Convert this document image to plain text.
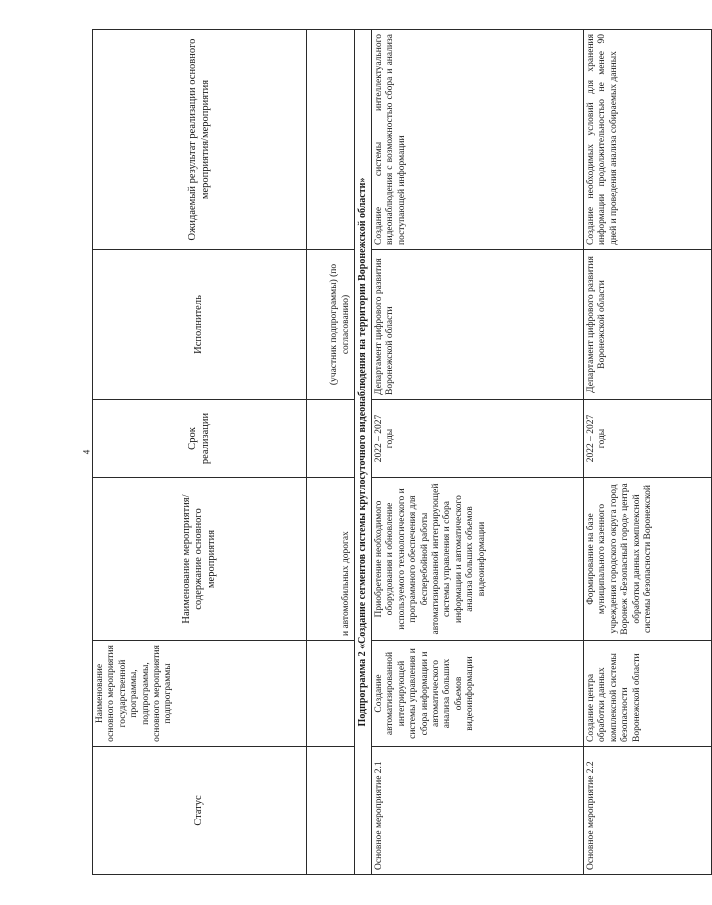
4
Статус	Наименование основного мероприятия государственной программы, подпрограммы, основного мероприятия подпрограммы	Наименование мероприятия/содержание основного мероприятия	Срок реализации	Исполнитель	Ожидаемый результат реализации основного мероприятия/мероприятия
		и автомобильных дорогах		(участник подпрограммы) (по согласованию)	
Подпрограмма 2 «Создание сегментов системы круглосуточного видеонаблюдения на территории Воронежской области»					
Основное мероприятие 2.1	Создание автоматизированной интегрирующей системы управления и сбора информации и автоматического анализа больших объемов видеоинформации	Приобретение необходимого оборудования и обновление используемого технологического и программного обеспечения для бесперебойной работы автоматизированной интегрирующей системы управления и сбора информации и автоматического анализа больших объемов видеоинформации	2022 – 2027 годы	Департамент цифрового развития Воронежской области	Создание системы интеллектуального видеонаблюдения с возможностью сбора и анализа поступающей информации
Основное мероприятие 2.2	Создание центра обработки данных комплексной системы безопасности Воронежской области	Формирование на базе муниципального казенного учреждения городского округа город Воронеж «Безопасный город» центра обработки данных комплексной системы безопасности Воронежской	2022 – 2027 годы	Департамент цифрового развития Воронежской области	Создание необходимых условий для хранения информации продолжительностью не менее 90 дней и проведения анализа собираемых данных
